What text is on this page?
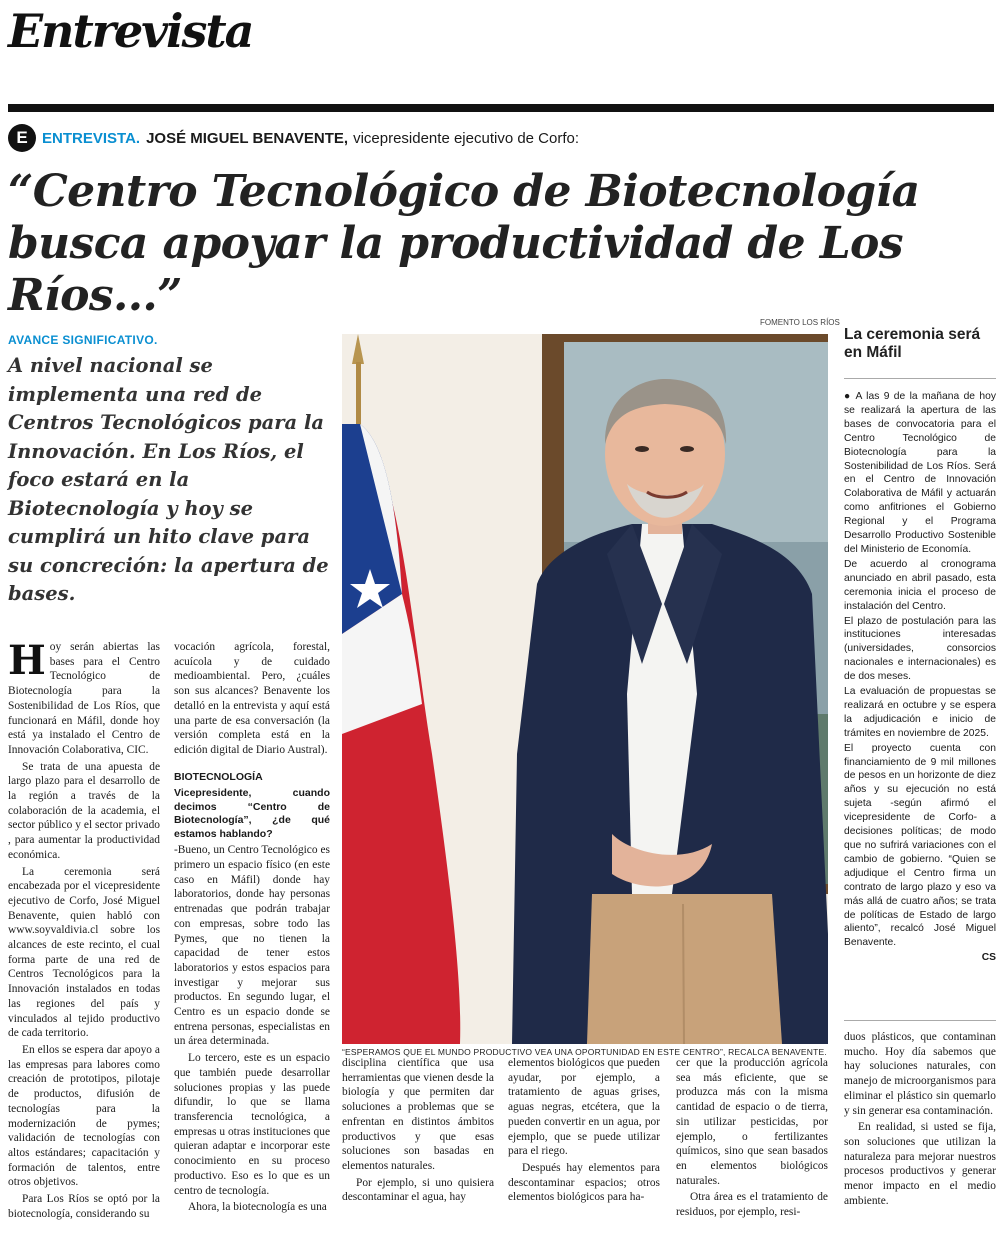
Entrevista
E ENTREVISTA. JOSÉ MIGUEL BENAVENTE, vicepresidente ejecutivo de Corfo:
“Centro Tecnológico de Biotecnología busca apoyar la productividad de Los Ríos...”
AVANCE SIGNIFICATIVO.
A nivel nacional se implementa una red de Centros Tecnológicos para la Innovación. En Los Ríos, el foco estará en la Biotecnología y hoy se cumplirá un hito clave para su concreción: la apertura de bases.

Hoy serán abiertas las bases para el Centro Tecnológico de Biotecnología para la Sostenibilidad de Los Ríos, que funcionará en Máfil, donde hoy está ya instalado el Centro de Innovación Colaborativa, CIC.

Se trata de una apuesta de largo plazo para el desarrollo de la región a través de la colaboración de la academia, el sector público y el sector privado , para aumentar la productividad económica.

La ceremonia será encabezada por el vicepresidente ejecutivo de Corfo, José Miguel Benavente, quien habló con www.soyvaldivia.cl sobre los alcances de este recinto, el cual forma parte de una red de Centros Tecnológicos para la Innovación instalados en todas las regiones del país y vinculados al tejido productivo de cada territorio.

En ellos se espera dar apoyo a las empresas para labores como creación de prototipos, pilotaje de productos, difusión de tecnologías para la modernización de pymes; validación de tecnologías con altos estándares; capacitación y formación de talentos, entre otros objetivos.

Para Los Ríos se optó por la biotecnología, considerando su

vocación agrícola, forestal, acuícola y de cuidado medioambiental. Pero, ¿cuáles son sus alcances? Benavente los detalló en la entrevista y aquí está una parte de esa conversación (la versión completa está en la edición digital de Diario Austral).

BIOTECNOLOGÍA
Vicepresidente, cuando decimos “Centro de Biotecnología”, ¿de qué estamos hablando?

-Bueno, un Centro Tecnológico es primero un espacio físico (en este caso en Máfil) donde hay laboratorios, donde hay personas entrenadas que podrán trabajar con empresas, sobre todo las Pymes, que no tienen la capacidad de tener estos laboratorios y estos espacios para investigar y mejorar sus productos. En segundo lugar, el Centro es un espacio donde se entrena personas, especialistas en un área determinada.

Lo tercero, este es un espacio que también puede desarrollar soluciones propias y las puede difundir, lo que se llama transferencia tecnológica, a empresas u otras instituciones que quieran adaptar e incorporar este conocimiento en su proceso productivo. Eso es lo que es un centro de tecnología.

Ahora, la biotecnología es una

FOMENTO LOS RÍOS
“ESPERAMOS QUE EL MUNDO PRODUCTIVO VEA UNA OPORTUNIDAD EN ESTE CENTRO”, RECALCA BENAVENTE.

disciplina científica que usa herramientas que vienen desde la biología y que permiten dar soluciones a problemas que se enfrentan en distintos ámbitos productivos y que esas soluciones son basadas en elementos naturales.

Por ejemplo, si uno quisiera descontaminar el agua, hay

elementos biológicos que pueden ayudar, por ejemplo, a tratamiento de aguas grises, aguas negras, etcétera, que la pueden convertir en un agua, por ejemplo, que se puede utilizar para el riego.

Después hay elementos para descontaminar espacios; otros elementos biológicos para ha-

cer que la producción agrícola sea más eficiente, que se produzca más con la misma cantidad de espacio o de tierra, sin utilizar pesticidas, por ejemplo, o fertilizantes químicos, sino que sean basados en elementos biológicos naturales.

Otra área es el tratamiento de residuos, por ejemplo, resi-

duos plásticos, que contaminan mucho. Hoy día sabemos que hay soluciones naturales, con manejo de microorganismos para eliminar el plástico sin quemarlo y sin generar esa contaminación.

En realidad, si usted se fija, son soluciones que utilizan la naturaleza para mejorar nuestros procesos productivos y generar menor impacto en el medio ambiente.

La ceremonia será en Máfil

● A las 9 de la mañana de hoy se realizará la apertura de las bases de convocatoria para el Centro Tecnológico de Biotecnología para la Sostenibilidad de Los Ríos. Será en el Centro de Innovación Colaborativa de Máfil y actuarán como anfitriones el Gobierno Regional y el Programa Desarrollo Productivo Sostenible del Ministerio de Economía.

De acuerdo al cronograma anunciado en abril pasado, esta ceremonia inicia el proceso de instalación del Centro.

El plazo de postulación para las instituciones interesadas (universidades, consorcios nacionales e internacionales) es de dos meses.

La evaluación de propuestas se realizará en octubre y se espera la adjudicación e inicio de trámites en noviembre de 2025.

El proyecto cuenta con financiamiento de 9 mil millones de pesos en un horizonte de diez años y su ejecución no está sujeta -según afirmó el vicepresidente de Corfo- a decisiones políticas; de modo que no sufrirá variaciones con el cambio de gobierno. “Quien se adjudique el Centro firma un contrato de largo plazo y eso va más allá de cuatro años; se trata de políticas de Estado de largo aliento”, recalcó José Miguel Benavente.

CS
